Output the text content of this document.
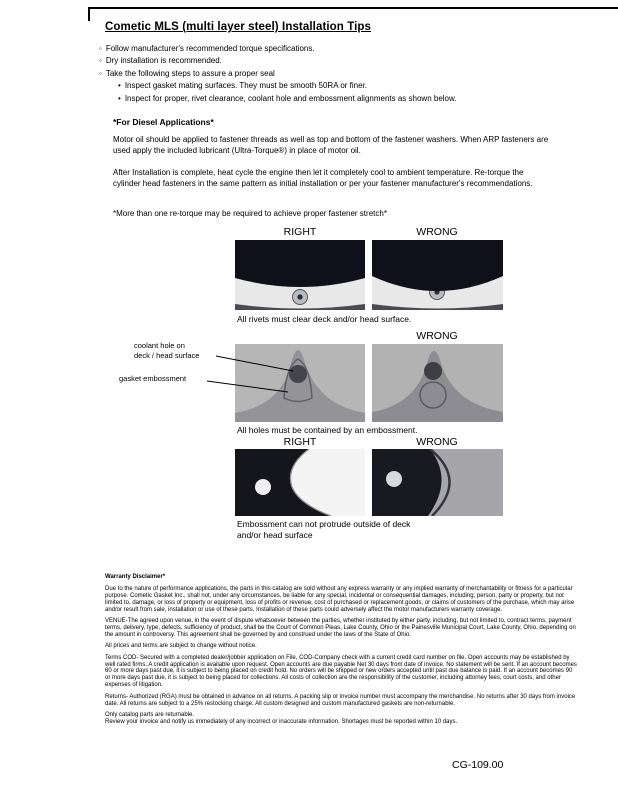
Cometic MLS (multi layer steel) Installation Tips
◦ Follow manufacturer's recommended torque specifications.
◦ Dry installation is recommended.
◦ Take the following steps to assure a proper seal
• Inspect gasket mating surfaces. They must be smooth 50RA or finer.
• Inspect for proper, rivet clearance, coolant hole and embossment alignments as shown below.
*For Diesel Applications*
Motor oil should be applied to fastener threads as well as top and bottom of the fastener washers. When ARP fasteners are used apply the included lubricant (Ultra-Torque®) in place of motor oil.
After Installation is complete, heat cycle the engine then let it completely cool to ambient temperature. Re-torque the cylinder head fasteners in the same pattern as initial installation or per your fastener manufacturer's recommendations.
*More than one re-torque may be required to achieve proper fastener stretch*
RIGHT	WRONG
All rivets must clear deck and/or head surface.
WRONG
coolant hole on
deck / head surface
gasket embossment
All holes must be contained by an embossment.
RIGHT	WRONG
Embossment can not protrude outside of deck
and/or head surface
Warranty Disclaimer*

Due to the nature of performance applications, the parts in this catalog are sold without any express warranty or any implied warranty of merchantability or fitness for a particular purpose. Cometic Gasket Inc., shall not, under any circumstances, be liable for any special, incidental or consequential damages, including, person, party or property, but not limited to, damage, or loss of property or equipment, loss of profits or revenue, cost of purchased or replacement goods, or claims of customers of the purchase, which may arise and/or result from sale, installation or use of these parts. Installation of these parts could adversely affect the motor manufacturers warranty coverage.

VENUE-The agreed upon venue, in the event of dispute whatsoever between the parties, whether instituted by either party, including, but not limited to, contract terms, payment terms, delivery, type, defects, sufficiency of product, shall be the Court of Common Pleas, Lake County, Ohio or the Painesville Municipal Court, Lake County, Ohio, depending on the amount in controversy. This agreement shall be governed by and construed under the laws of the State of Ohio.

All prices and terms are subject to change without notice.

Terms COD- Secured with a completed dealer/jobber application on File, COD-Company check with a current credit card number on file. Open accounts may be established by well rated firms. A credit application is available upon request. Open accounts are due payable Net 30 days from date of invoice. No statement will be sent. If an account becomes 60 or more days past due, it is subject to being placed on credit hold. No orders will be shipped or new orders accepted until past due balance is paid. If an account becomes 90 or more days past due, it is subject to being placed for collections. All costs of collection are the responsibility of the customer, including attorney fees, court costs, and other expenses of litigation.

Returns- Authorized (RGA) must be obtained in advance on all returns. A packing slip or invoice number must accompany the merchandise. No returns after 30 days from invoice date. All returns are subject to a 25% restocking charge. All custom designed and custom manufactured gaskets are non-returnable.

Only catalog parts are returnable.

Review your invoice and notify us immediately of any incorrect or inaccurate information. Shortages must be reported within 10 days.

CG-109.00
